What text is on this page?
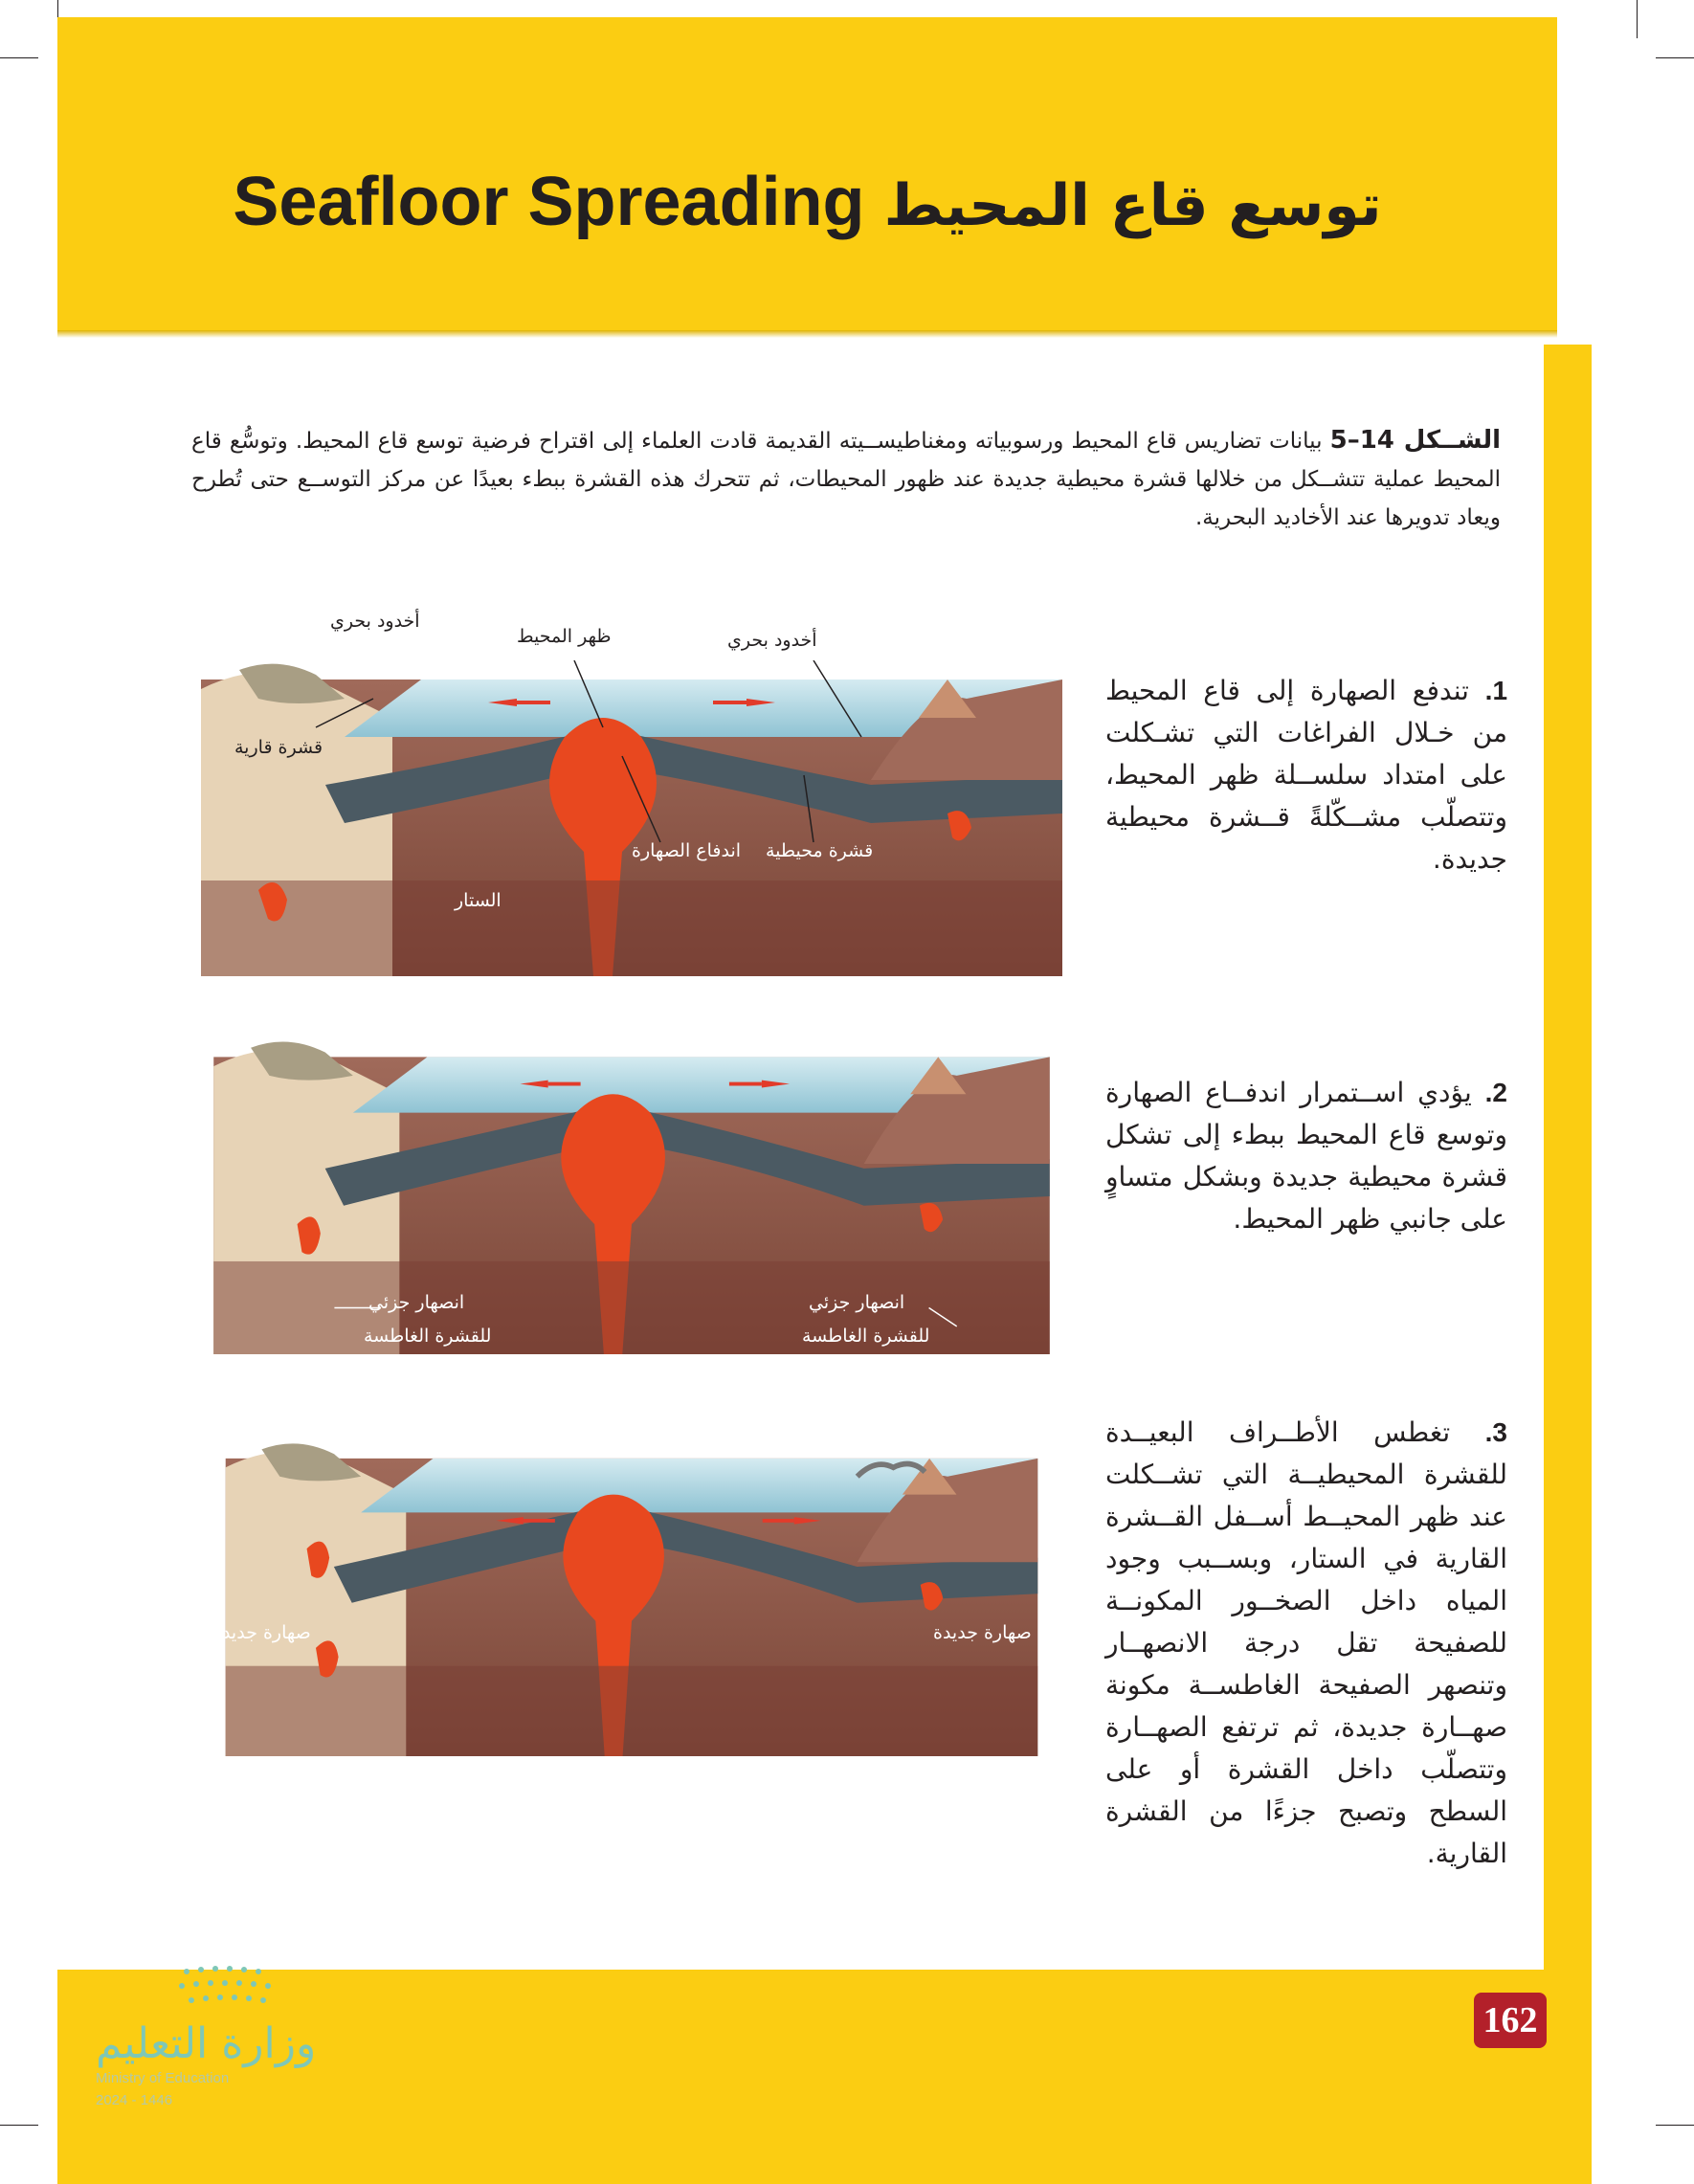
Seafloor Spreading توسع قاع المحيط
الشــكل 14–5 بيانات تضاريس قاع المحيط ورسوبياته ومغناطيســيته القديمة قادت العلماء إلى اقتراح فرضية توسع قاع المحيط. وتوسُّع قاع المحيط عملية تتشــكل من خلالها قشرة محيطية جديدة عند ظهور المحيطات، ثم تتحرك هذه القشرة ببطء بعيدًا عن مركز التوســع حتى تُطرح ويعاد تدويرها عند الأخاديد البحرية.
أخدود بحري
ظهر المحيط	أخدود بحري
قشرة قارية
قشرة محيطية
اندفاع الصهارة
الستار
1. تندفع الصهارة إلى قاع المحيط من خـلال الفراغات التي تشـكلت على امتداد سلســلة ظهر المحيط، وتتصلّب مشــكّلةً قــشرة محيطية جديدة.
انصهار جزئي
للقشرة الغاطسة
انصهار جزئي
للقشرة الغاطسة
2. يؤدي اســتمرار اندفــاع الصهارة وتوسع قاع المحيط ببطء إلى تشكل قشرة محيطية جديدة وبشكل متساوٍ على جانبي ظهر المحيط.
صهارة جديدة	صهارة جديدة
3. تغطس الأطــراف البعيــدة للقشرة المحيطيــة التي تشــكلت عند ظهر المحيــط أســفل القــشرة القارية في الستار، وبســبب وجود المياه داخل الصخــور المكونــة للصفيحة تقل درجة الانصهــار وتنصهر الصفيحة الغاطســة مكونة صهــارة جديدة، ثم ترتفع الصهــارة وتتصلّب داخل القشرة أو على السطح وتصبح جزءًا من القشرة القارية.
وزارة التعليم
Ministry of Education
2024 - 1446
162
